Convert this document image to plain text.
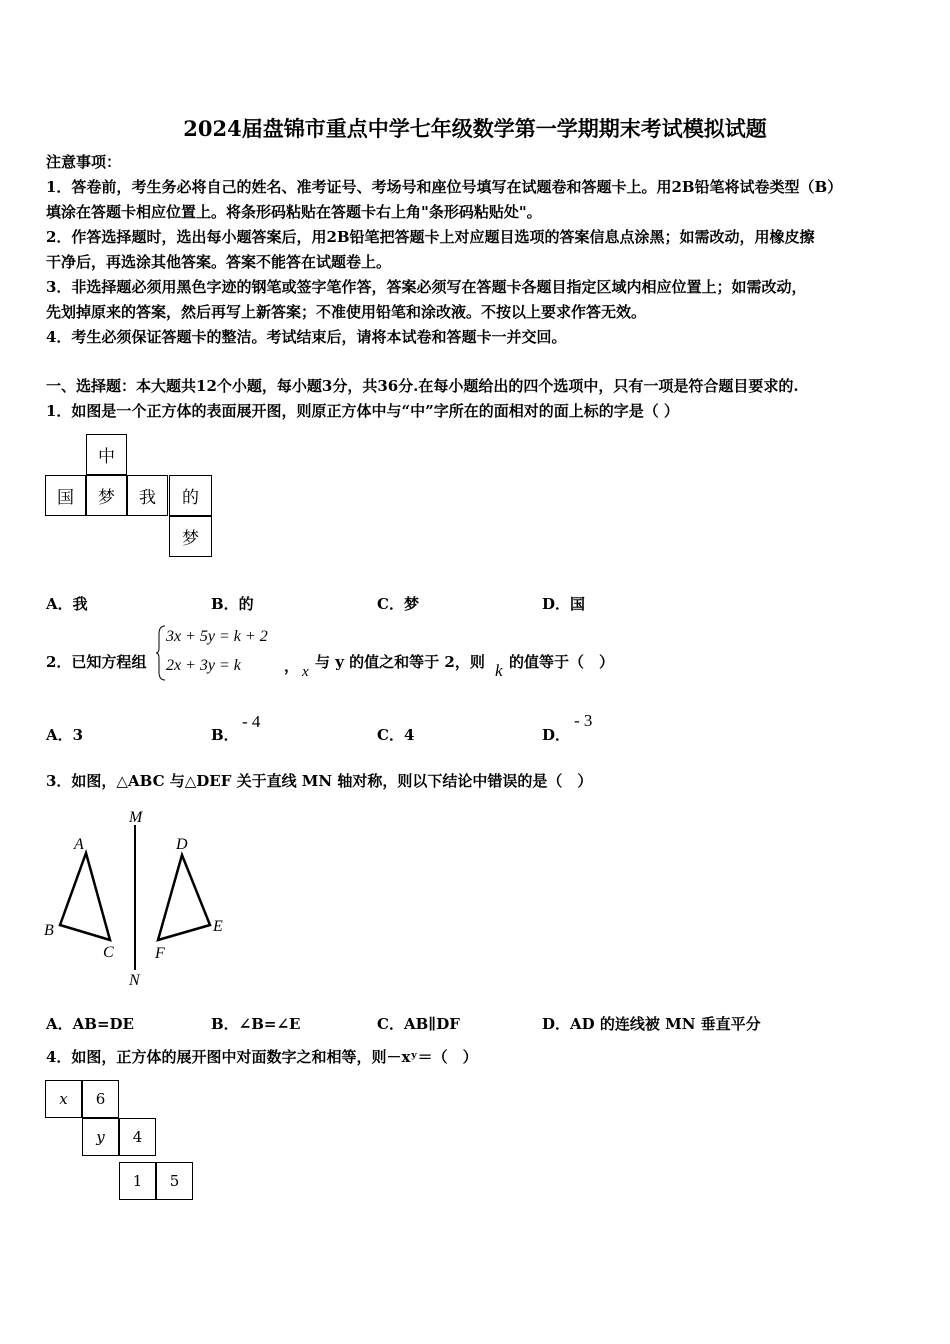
2024届盘锦市重点中学七年级数学第一学期期末考试模拟试题
注意事项：
1．答卷前，考生务必将自己的姓名、准考证号、考场号和座位号填写在试题卷和答题卡上。用2B铅笔将试卷类型（B）
填涂在答题卡相应位置上。将条形码粘贴在答题卡右上角"条形码粘贴处"。
2．作答选择题时，选出每小题答案后，用2B铅笔把答题卡上对应题目选项的答案信息点涂黑；如需改动，用橡皮擦
干净后，再选涂其他答案。答案不能答在试题卷上。
3．非选择题必须用黑色字迹的钢笔或签字笔作答，答案必须写在答题卡各题目指定区域内相应位置上；如需改动，
先划掉原来的答案，然后再写上新答案；不准使用铅笔和涂改液。不按以上要求作答无效。
4．考生必须保证答题卡的整洁。考试结束后，请将本试卷和答题卡一并交回。
一、选择题：本大题共12个小题，每小题3分，共36分.在每小题给出的四个选项中，只有一项是符合题目要求的.
1．如图是一个正方体的表面展开图，则原正方体中与“中”字所在的面相对的面上标的字是（ ）
中
国	梦	我	的
梦
A．我	B．的	C．梦	D．国
2．已知方程组
3x + 5y = k + 2
2x + 3y = k	， x
与 y 的值之和等于 2，则 k 的值等于（　）
A．3	B．
- 4
C．4	D．
- 3
3．如图，△ABC 与△DEF 关于直线 MN 轴对称，则以下结论中错误的是（　）
M
N
A
B
C
D
E
F
A．AB=DE	B．∠B=∠E	C．AB∥DF	D．AD 的连线被 MN 垂直平分
4．如图，正方体的展开图中对面数字之和相等，则－xʸ＝（　）
x	6
y	4
1	5
